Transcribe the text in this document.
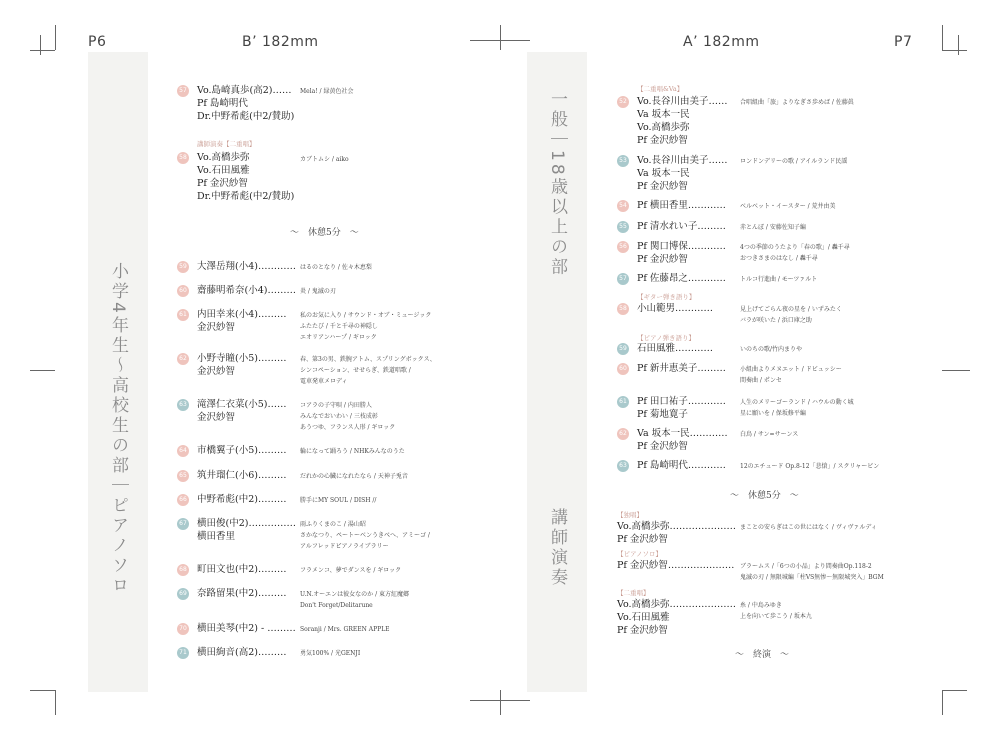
P6	B’ 182mm	A’ 182mm	P7
小学4年生〜高校生の部｜ピアノソロ
一般｜18歳以上の部
講師演奏
57 Vo.島崎真歩(高2)……
Pf 島崎明代
Dr.中野希彪(中2/賛助)
Mela! / 緑黄色社会
講師演奏【二重唱】
58 Vo.高橋歩弥
Vo.石田風雅
Pf 金沢紗智
Dr.中野希彪(中2/賛助)
カブトムシ / aiko
〜　休憩5分　〜
59 大澤岳翔(小4)………… はるのとなり / 佐々木恵梨
60 齋藤明希奈(小4)……… 炎 / 鬼滅の刃
61 内田幸来(小4)………
金沢紗智
私のお気に入り / サウンド・オブ・ミュージック
ふたたび / 千と千尋の神隠し
エオリアンハープ / ギロック
62 小野寺瞳(小5)………
金沢紗智
春、第3の男、鉄腕アトム、スプリングボックス、
シンコペーション、せせらぎ、鉄道唱歌 /
電車発車メロディ
63 滝澤仁衣菜(小5)……
金沢紗智
コアラの子守唄 / 内田勝人
みんなでおいわい / 三枝成彰
あうつゆ、フランス人形 / ギロック
64 市橋翼子(小5)……… 輪になって踊ろう / NHKみんなのうた
65 筑井瑠仁(小6)……… だれかの心臓になれたなら / 天神子兎音
66 中野希彪(中2)……… 勝手にMY SOUL / DISH //
67 横田俊(中2)……………
横田香里
雨ふりくまのこ / 湯山昭
さかなつり、ペートーベンうきべへ、アミーゴ /
アルフレッドピアノライブラリー
68 町田文也(中2)……… フラメンコ、夢でダンスを / ギロック
69 奈路留果(中2)……… U.N.オーエンは彼女なのか / 東方紅魔郷
Don't Forget/Delitarune
70 横田美琴(中2) - ……… Soranji / Mrs. GREEN APPLE
71 横田絢音(高2)……… 勇気100% / 光GENJI
【二重唱&Va】
52 Vo.長谷川由美子……
Va 坂本一民
Vo.高橋歩弥
Pf 金沢紗智
合唱組曲「旅」よりなぎさ歩めば / 佐藤眞
53 Vo.長谷川由美子……
Va 坂本一民
Pf 金沢紗智
ロンドンデリーの歌 / アイルランド民謡
54 Pf 横田香里………… ベルベット・イースター / 荒井由美
55 Pf 清水れい子……… 赤とんぼ / 安藤佐知子編
56 Pf 関口博保…………
Pf 金沢紗智
4つの季節のうたより「春の歌」/ 轟千尋
おつきさまのはなし / 轟千尋
57 Pf 佐藤昂之………… トルコ行進曲 / モーツァルト
【ギター弾き語り】
58 小山範男…………	見上げてごらん夜の星を / いずみたく
バラが咲いた / 浜口庫之助
【ピアノ弾き語り】
59 石田風雅…………	いのちの歌/竹内まりや
60 Pf 新井恵美子……… 小組曲よりメヌエット / ドビュッシー
間奏曲 / ポンセ
61 Pf 田口祐子…………
Pf 菊地寛子
人生のメリーゴーランド / ハウルの動く城
星に願いを / 保坂修平編
62 Va 坂本一民…………
Pf 金沢紗智
白鳥 / サン=サーンス
63 Pf 島崎明代………… 12のエチュード Op.8-12「悲愴」/ スクリャービン
〜　休憩5分　〜
【独唱】
Vo.高橋歩弥…………………
Pf 金沢紗智
まことの安らぎはこの世にはなく / ヴィヴァルディ
【ピアノソロ】
Pf 金沢紗智………………… ブラームス /「6つの小品」より間奏曲Op.118-2
鬼滅の刃 / 無限城編「柱VS無惨〜無限城突入」BGM
【二重唱】
Vo.高橋歩弥…………………
Vo.石田風雅
Pf 金沢紗智
糸 / 中島みゆき
上を向いて歩こう / 坂本九
〜　終演　〜
